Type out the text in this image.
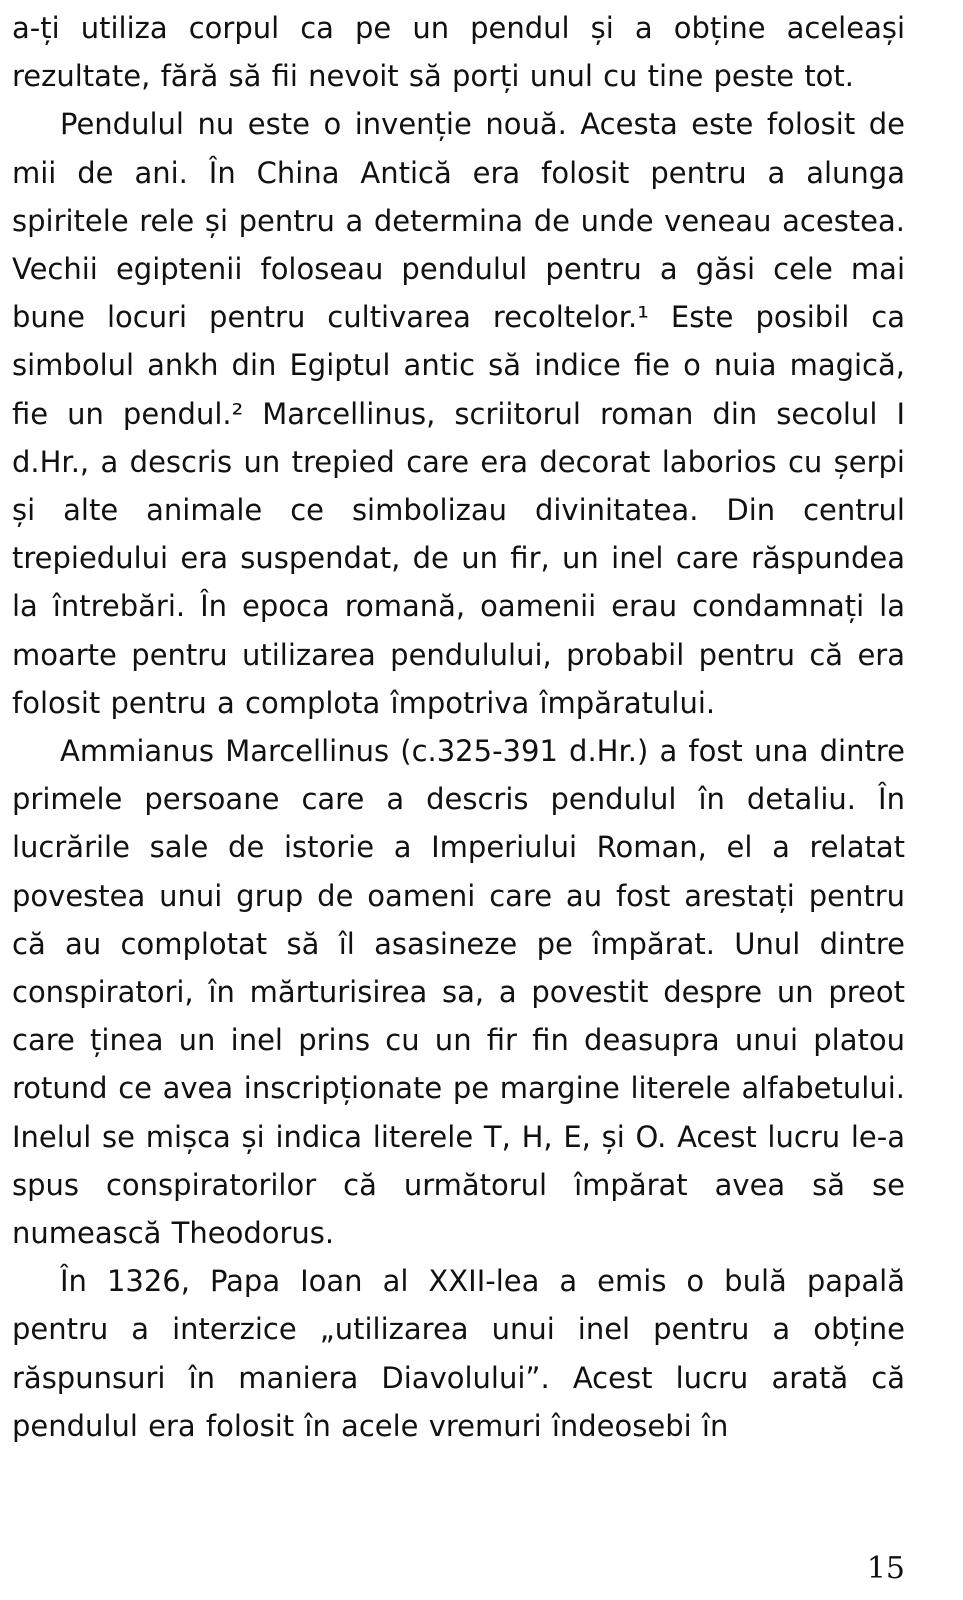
a-ți utiliza corpul ca pe un pendul și a obține aceleași rezultate, fără să fii nevoit să porți unul cu tine peste tot.

Pendulul nu este o invenție nouă. Acesta este folosit de mii de ani. În China Antică era folosit pentru a alunga spiritele rele și pentru a determina de unde veneau acestea. Vechii egiptenii foloseau pendulul pentru a găsi cele mai bune locuri pentru cultivarea recoltelor.¹ Este posibil ca simbolul ankh din Egiptul antic să indice fie o nuia magică, fie un pendul.² Marcellinus, scriitorul roman din secolul I d.Hr., a descris un trepied care era decorat laborios cu șerpi și alte animale ce simbolizau divinitatea. Din centrul trepiedului era suspendat, de un fir, un inel care răspundea la întrebări. În epoca romană, oamenii erau condamnați la moarte pentru utilizarea pendulului, probabil pentru că era folosit pentru a complota împotriva împăratului.

Ammianus Marcellinus (c.325-391 d.Hr.) a fost una dintre primele persoane care a descris pendulul în detaliu. În lucrările sale de istorie a Imperiului Roman, el a relatat povestea unui grup de oameni care au fost arestați pentru că au complotat să îl asasineze pe împărat. Unul dintre conspiratori, în mărturisirea sa, a povestit despre un preot care ținea un inel prins cu un fir fin deasupra unui platou rotund ce avea inscripționate pe margine literele alfabetului. Inelul se mișca și indica literele T, H, E, și O. Acest lucru le-a spus conspiratorilor că următorul împărat avea să se numească Theodorus.

În 1326, Papa Ioan al XXII-lea a emis o bulă papală pentru a interzice „utilizarea unui inel pentru a obține răspunsuri în maniera Diavolului”. Acest lucru arată că pendulul era folosit în acele vremuri îndeosebi în

15
